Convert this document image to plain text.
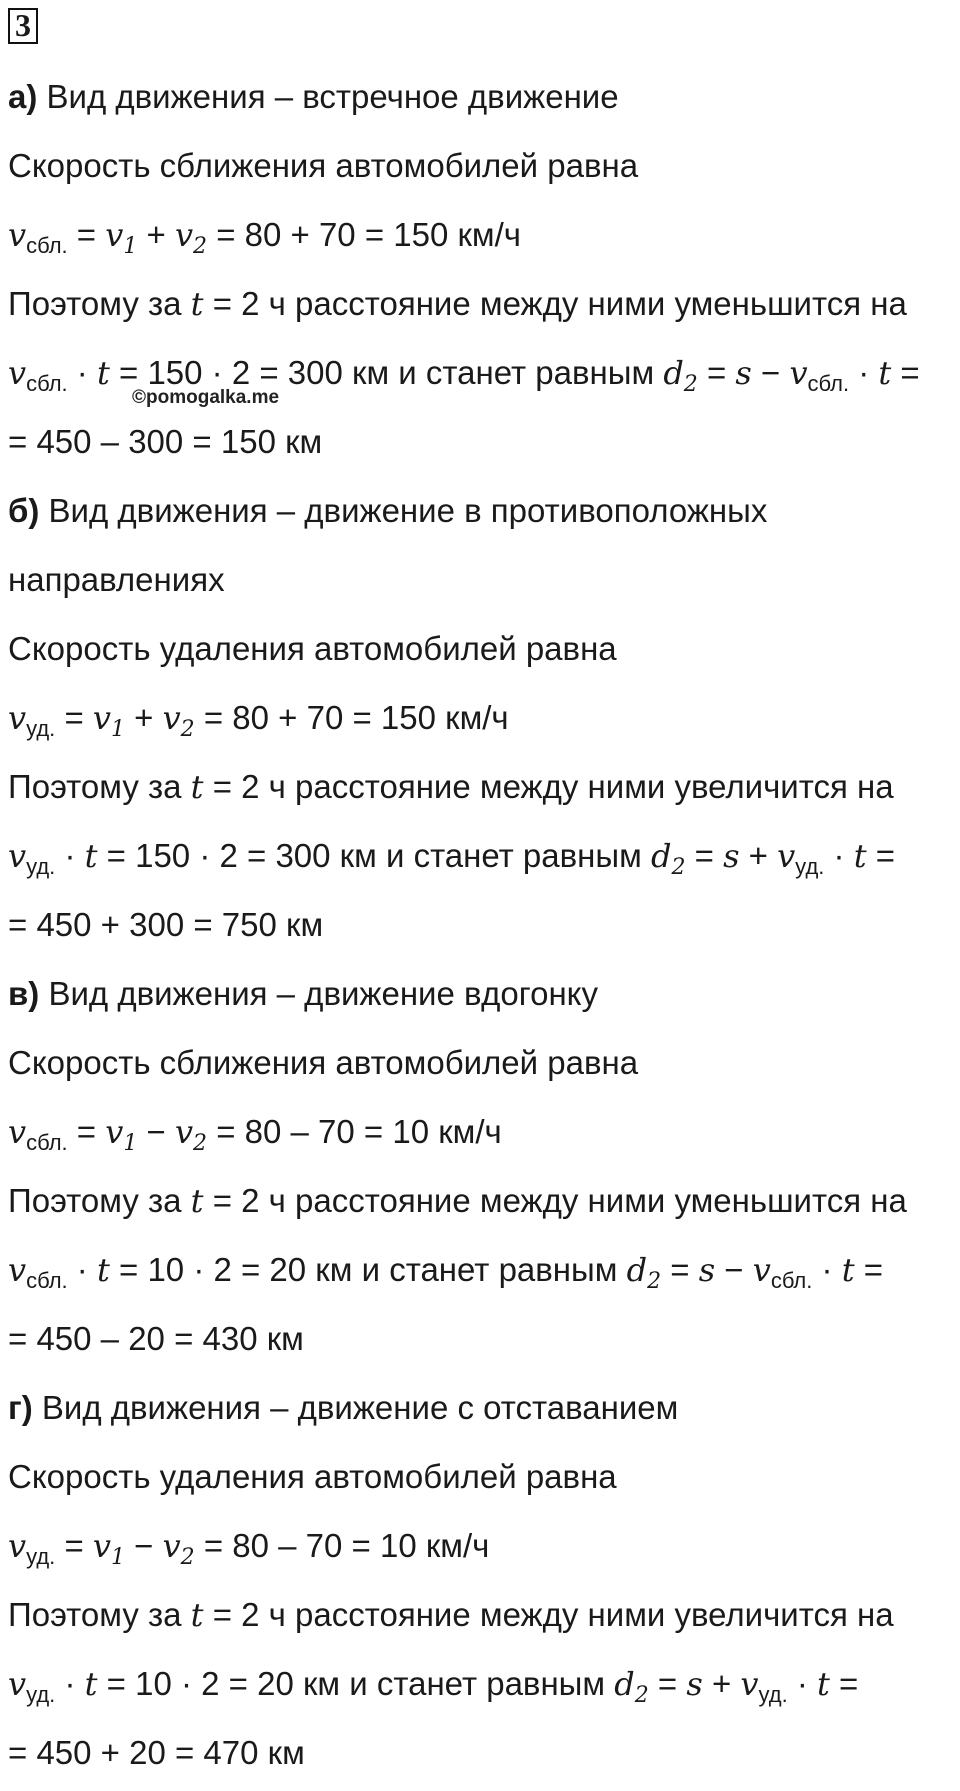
3
а) Вид движения – встречное движение
Скорость сближения автомобилей равна
$v_{сбл.} = v_1 + v_2 = 80 + 70 = 150$ км/ч
Поэтому за t = 2 ч расстояние между ними уменьшится на
$v_{сбл.} \cdot t = 150 \cdot 2 = 300$ км и станет равным $d_2 = s - v_{сбл.} \cdot t$ =
©pomogalka.me
= 450 – 300 = 150 км
б) Вид движения – движение в противоположных
направлениях
Скорость удаления автомобилей равна
$v_{уд.} = v_1 + v_2 = 80 + 70 = 150$ км/ч
Поэтому за t = 2 ч расстояние между ними увеличится на
$v_{уд.} \cdot t = 150 \cdot 2 = 300$ км и станет равным $d_2 = s + v_{уд.} \cdot t$ =
= 450 + 300 = 750 км
в) Вид движения – движение вдогонку
Скорость сближения автомобилей равна
$v_{сбл.} = v_1 - v_2 = 80 - 70 = 10$ км/ч
Поэтому за t = 2 ч расстояние между ними уменьшится на
$v_{сбл.} \cdot t = 10 \cdot 2 = 20$ км и станет равным $d_2 = s - v_{сбл.} \cdot t$ =
= 450 – 20 = 430 км
г) Вид движения – движение с отставанием
Скорость удаления автомобилей равна
$v_{уд.} = v_1 - v_2 = 80 - 70 = 10$ км/ч
Поэтому за t = 2 ч расстояние между ними увеличится на
$v_{уд.} \cdot t = 10 \cdot 2 = 20$ км и станет равным $d_2 = s + v_{уд.} \cdot t$ =
= 450 + 20 = 470 км
